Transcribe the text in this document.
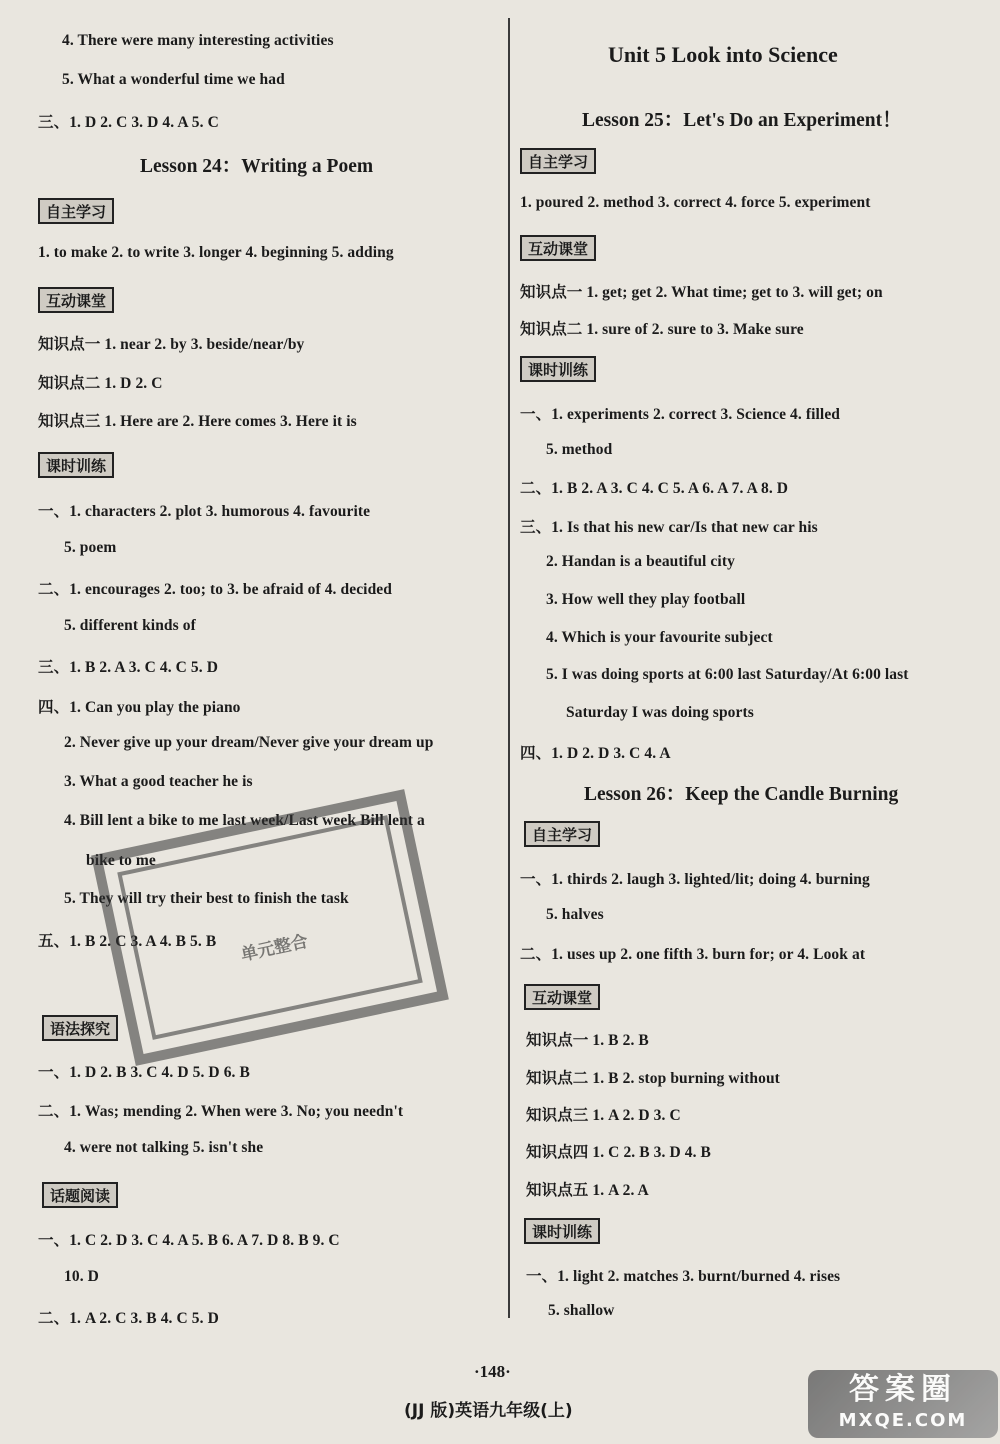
4. There were many interesting activities
5. What a wonderful time we had
三、1. D 2. C 3. D 4. A 5. C
Lesson 24：Writing a Poem
自主学习
1. to make 2. to write 3. longer 4. beginning 5. adding
互动课堂
知识点一 1. near 2. by 3. beside/near/by
知识点二 1. D 2. C
知识点三 1. Here are 2. Here comes 3. Here it is
课时训练
一、1. characters 2. plot 3. humorous 4. favourite
5. poem
二、1. encourages 2. too; to 3. be afraid of 4. decided
5. different kinds of
三、1. B 2. A 3. C 4. C 5. D
四、1. Can you play the piano
2. Never give up your dream/Never give your dream up
3. What a good teacher he is
4. Bill lent a bike to me last week/Last week Bill lent a
bike to me
5. They will try their best to finish the task
五、1. B 2. C 3. A 4. B 5. B
语法探究
一、1. D 2. B 3. C 4. D 5. D 6. B
二、1. Was; mending 2. When were 3. No; you needn't
4. were not talking 5. isn't she
话题阅读
一、1. C 2. D 3. C 4. A 5. B 6. A 7. D 8. B 9. C
10. D
二、1. A 2. C 3. B 4. C 5. D
Unit 5 Look into Science
Lesson 25：Let's Do an Experiment！
自主学习
1. poured 2. method 3. correct 4. force 5. experiment
互动课堂
知识点一 1. get; get 2. What time; get to 3. will get; on
知识点二 1. sure of 2. sure to 3. Make sure
课时训练
一、1. experiments 2. correct 3. Science 4. filled
5. method
二、1. B 2. A 3. C 4. C 5. A 6. A 7. A 8. D
三、1. Is that his new car/Is that new car his
2. Handan is a beautiful city
3. How well they play football
4. Which is your favourite subject
5. I was doing sports at 6:00 last Saturday/At 6:00 last
Saturday I was doing sports
四、1. D 2. D 3. C 4. A
Lesson 26：Keep the Candle Burning
自主学习
一、1. thirds 2. laugh 3. lighted/lit; doing 4. burning
5. halves
二、1. uses up 2. one fifth 3. burn for; or 4. Look at
互动课堂
知识点一 1. B 2. B
知识点二 1. B 2. stop burning without
知识点三 1. A 2. D 3. C
知识点四 1. C 2. B 3. D 4. B
知识点五 1. A 2. A
课时训练
一、1. light 2. matches 3. burnt/burned 4. rises
5. shallow
单元整合
·148·
(JJ 版)英语九年级(上)
答案圈
MXQE.COM
